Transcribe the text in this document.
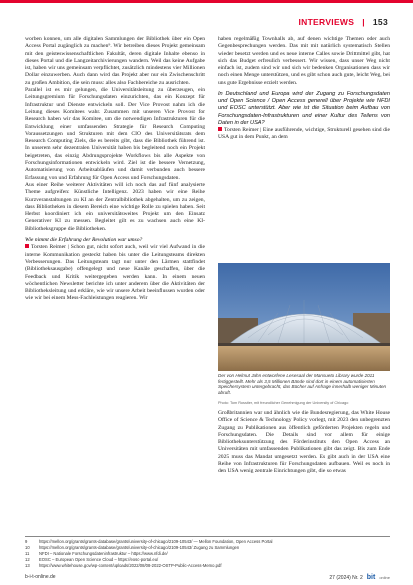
INTERVIEWS | 153

worben konnen, um alle digitalen Sammlungen der Bibliothek über ein Open Access Portal zugänglich zu machen⁹. Wir betreiben dieses Projekt gemeinsam mit den geisteswissenschaftlichen Fakultät, deren digitale Inhalte ebenso in dieses Portal und die Langzeitarchivierungen wandern. Weil das keine Aufgabe ist, haben wir uns gemeinsam verpflichtet, zusätzlich mindestens vier Millionen Dollar einzuwerben. Auch dann wird das Projekt aber nur ein Zwischenschritt zu großen Ambition, die sein muss: alles also Fachbereiche zu ausrichten.

Parallel ist es mir gelungen, die Universitätsleitung zu überzeugen, ein Leitungsgremium für Forschungsdaten einzurichten, das ein Konzept für Infrastruktur und Dienste entwickeln soll. Der Vice Provost nahm ich die Leitung dieses Komitees wahr. Zusammen mit unseren Vice Provost for Research haben wir das Komitee, um die notwendigen Infrastrukturen für die Entwicklung einer umfassenden Strategie für Research Computing Voraussetzungen und Strukturen mit dem CIO des Universitätsrats dem Research Computing Ziels, die es bereits gibt, dass die Bibliothek führend ist. In unserem sehr dezentralen Universität haben bis begleitend noch ein Projekt beigetreten, das einzig Abdrungsprojekte Workflows bis alle Aspekte von Forschungsinformationen entwickeln wird. Ziel ist die bessere Vernetzung, Automatisierung von Arbeitsabläufen und damit verbunden auch bessere Erfassung von und Erfahrung für Open Access und Forschungsdaten.

Aus einer Reihe weiterer Aktivitäten will ich noch das auf fünf analysierte Theme aufgreifen: Künstliche Intelligenz. 2023 haben wir eine Reihe Kurzveranstaltungen zu KI an der Zentralbibliothek abgehalten, um zu zeigen, dass Bibliotheken in diesem Bereich eine wichtige Rolle zu spielen haben. Seit Herbst koordiniert ich ein universitätsweites Projekt um den Einsatz Generativer KI zu messen. Begleitet gilt es zu wachsen auch eine KI-Bibliotheksgruppe die Bibliotheken.

Wie nimmt die Erfahrung der Revolution war umso?

Torsten Reimer | Schon gut, nicht sofort auch, weil wir viel Aufwand in die interne Kommunikation gesteckt haben bis unter die Leitungsteams direkten Verbesserungen. Das Leitungsteam tagt nur unter den Lärmen stattfindet (Bibliotheksausgabe) offengelegt und neue Kanäle geschaffen, über die Feedback und Kritik weitergegeben werden kann. In einem neuen wöchentlichen Newsletter berichte ich unter anderem über die Aktivitäten der Bibliotheksleitung und erkläre, wie wir unsere Arbeit beeinflussen wurden oder wie wir bei einem Mess-Fachleistungen reagieren. Wir

haben regelmäßig Townhalls ab, auf denen wichtige Themen oder auch Gegenbesprechungen werden. Das mit mit natürlich systematisch Stellen wieder besetzt werden und es neue interne Calles sowie Drittmittel gibt, hat sich das Budget erfreulich verbessert. Wir wissen, dass unser Weg nicht einfach ist, zudem sind wir und sich wir bedenken Organisationen dass wir noch einen Menge unterstützen, und es gibt schon auch gute, leicht Weg, bei uns gute Ergebnisse erzielt werden.

In Deutschland und Europa wird der Zugang zu Forschungsdaten und Open Science / Open Access generell über Projekte wie NFDI und EOSC unterstützt. Aber wie ist die Situation beim Aufbau von Forschungsdaten-Infrastrukturen und einer Kultur des Teilens von Daten in der USA?

Torsten Reimer | Eine ausführende, wichtige, Strukturell gesehen sind die USA gut in dem Punkt, an dem

Der von Helmut Jahn entworfene Lesesaal der Mansueto Library wurde 2011 fertiggestellt. Mehr als 3,5 Millionen Bände sind dort in einem automatisierten Speichersystem untergebracht, das Bücher auf Anfrage innerhalb weniger Minuten abruft.
Photo: Tom Rossiter, mit freundlicher Genehmigung der University of Chicago

Großbritannien war und ähnlich wie die Bundesregierung, das White House Office of Science & Technology Policy vorlegt, mit 2023 den unbegrenzten Zugang zu Publikationen aus öffentlich geförderten Projekten regeln und Forschungsdaten. Die Details sind vor allem für einige Bibliotheksunterstützung des Förderinstituts den Open Access an Universitäten mit umfassenden Publikationen gibt das zeigt. Bis zum Ende 2025 muss das Mandat umgesetzt werden. Es gibt auch in der USA eine Reihe von Infrastrukturen für Forschungsdaten aufbauen. Weil es noch in den USA wenig zentrale Einrichtungen gibt, die so etwas

9	https://mellon.org/grants/grants-database/grants/university-of-chicago/2109-10543/ — Mellon Foundation, Open Access Portal
10	https://mellon.org/grants/grants-database/grants/university-of-chicago/2109-10543/ Zugang zu Sammlungen
11	NFDI – Nationale Forschungsdateninfrastruktur – https://www.nfdi.de/
12	EOSC – European Open Science Cloud – https://eosc-portal.eu/
13	https://www.whitehouse.gov/wp-content/uploads/2022/08/08-2022-OSTP-Public-Access-Memo.pdf
b-i-t-online.de	27 (2024) Nr. 2 bit online
